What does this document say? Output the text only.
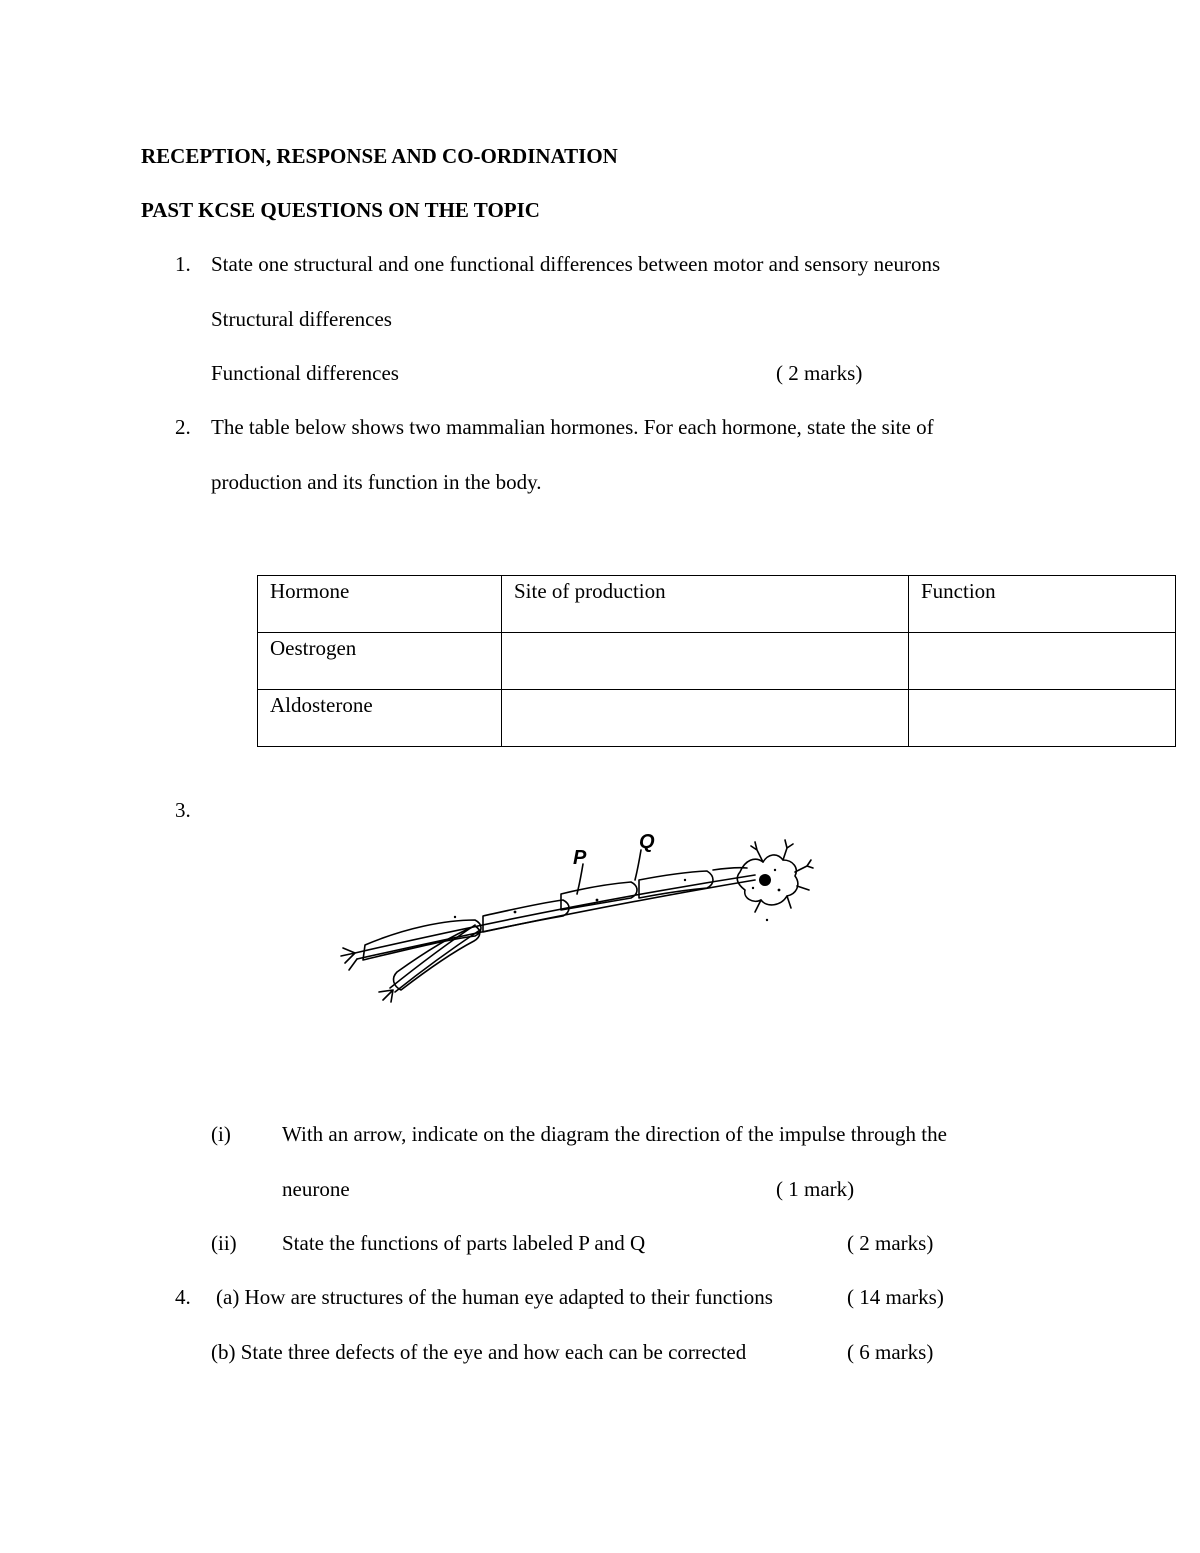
RECEPTION, RESPONSE AND CO-ORDINATION
PAST KCSE QUESTIONS ON THE TOPIC
1. State one structural and one functional differences between motor and sensory neurons
Structural differences
Functional differences	( 2 marks)
2. The table below shows two mammalian hormones. For each hormone, state the site of
production and its function in the body.
Hormone	Site of production	Function
Oestrogen		
Aldosterone		
3.
P
Q
(i) With an arrow, indicate on the diagram the direction of the impulse through the
neurone	( 1 mark)
(ii) State the functions of parts labeled P and Q	( 2 marks)
4. (a) How are structures of the human eye adapted to their functions	( 14 marks)
(b) State three defects of the eye and how each can be corrected	( 6 marks)
